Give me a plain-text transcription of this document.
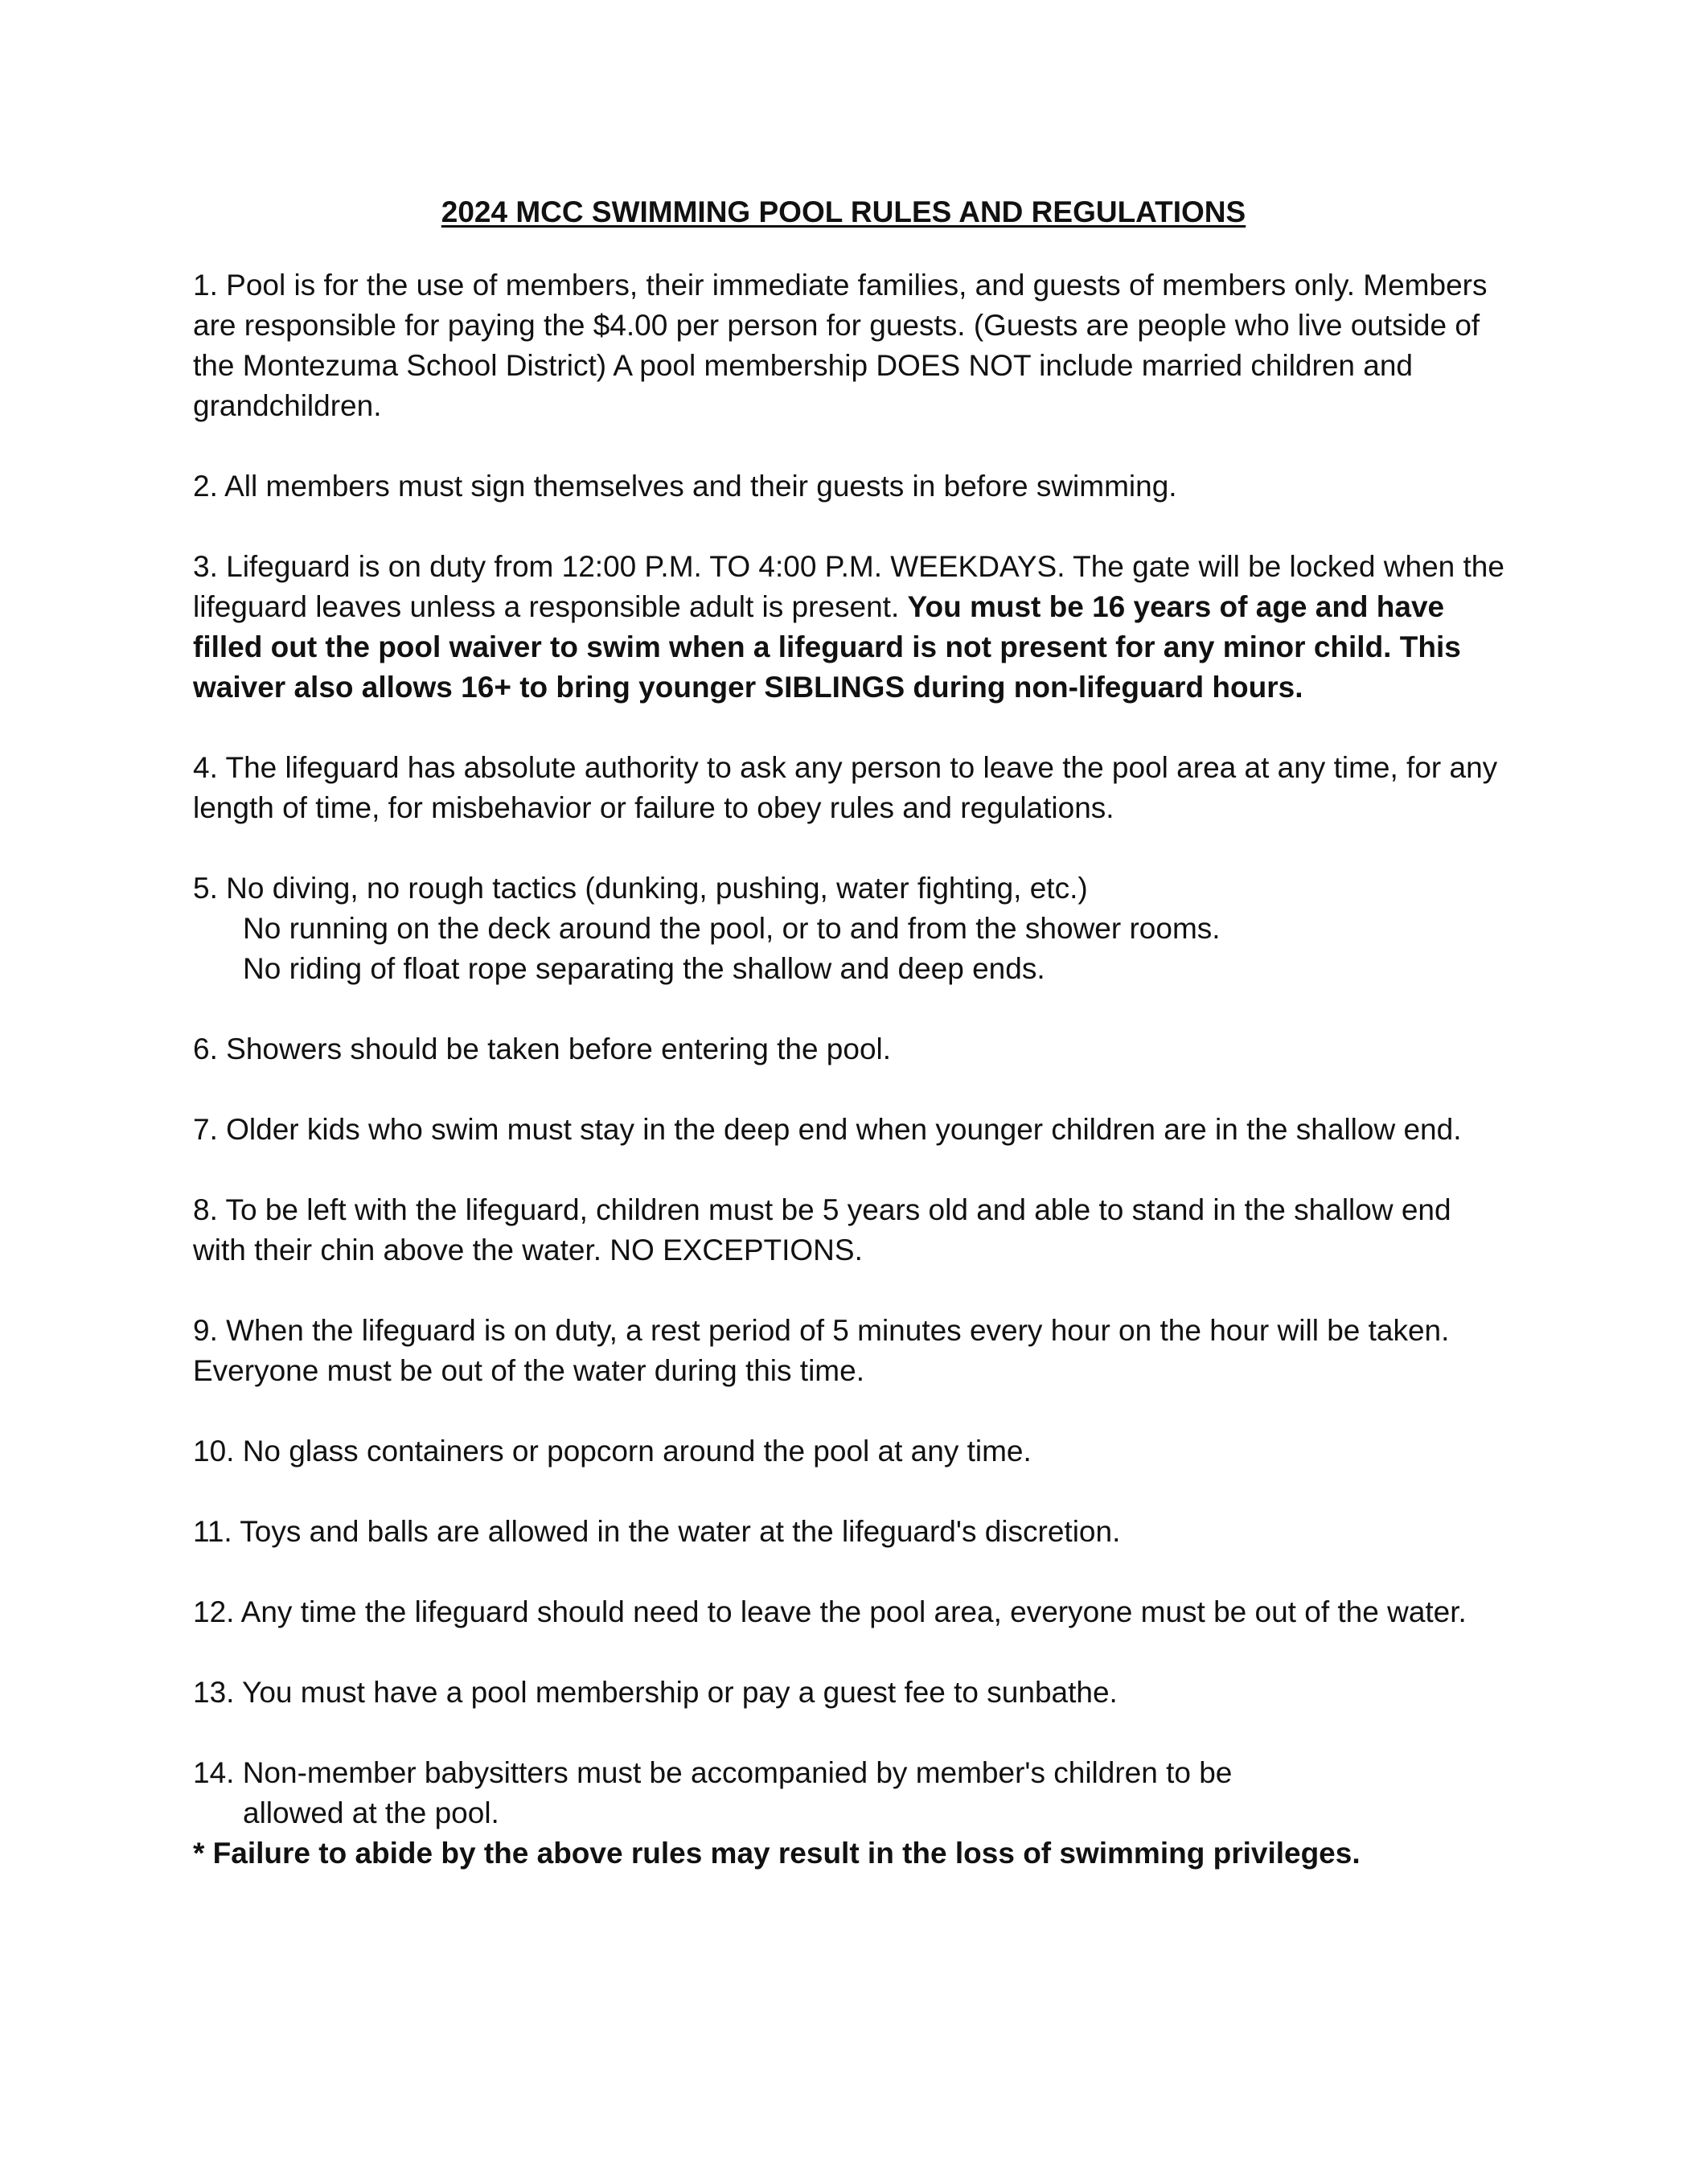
2024 MCC SWIMMING POOL RULES AND REGULATIONS
1. Pool is for the use of members, their immediate families, and guests of members only. Members are responsible for paying the $4.00 per person for guests. (Guests are people who live outside of the Montezuma School District) A pool membership DOES NOT include married children and grandchildren.
2. All members must sign themselves and their guests in before swimming.
3. Lifeguard is on duty from 12:00 P.M. TO 4:00 P.M. WEEKDAYS. The gate will be locked when the lifeguard leaves unless a responsible adult is present. You must be 16 years of age and have filled out the pool waiver to swim when a lifeguard is not present for any minor child. This waiver also allows 16+ to bring younger SIBLINGS during non-lifeguard hours.
4. The lifeguard has absolute authority to ask any person to leave the pool area at any time, for any length of time, for misbehavior or failure to obey rules and regulations.
5. No diving, no rough tactics (dunking, pushing, water fighting, etc.)
No running on the deck around the pool, or to and from the shower rooms.
No riding of float rope separating the shallow and deep ends.
6. Showers should be taken before entering the pool.
7. Older kids who swim must stay in the deep end when younger children are in the shallow end.
8. To be left with the lifeguard, children must be 5 years old and able to stand in the shallow end with their chin above the water. NO EXCEPTIONS.
9. When the lifeguard is on duty, a rest period of 5 minutes every hour on the hour will be taken. Everyone must be out of the water during this time.
10. No glass containers or popcorn around the pool at any time.
11. Toys and balls are allowed in the water at the lifeguard's discretion.
12. Any time the lifeguard should need to leave the pool area, everyone must be out of the water.
13. You must have a pool membership or pay a guest fee to sunbathe.
14. Non-member babysitters must be accompanied by member's children to be
allowed at the pool.
* Failure to abide by the above rules may result in the loss of swimming privileges.
